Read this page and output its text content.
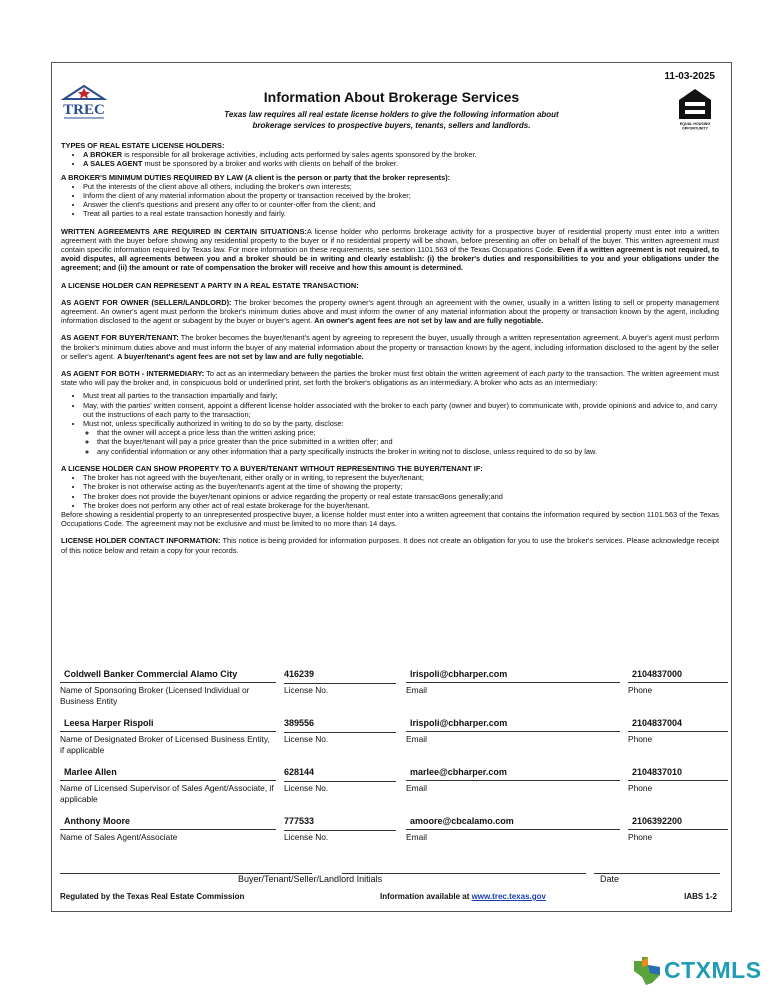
11-03-2025
TREC
EQUAL HOUSING
OPPORTUNITY
Information About Brokerage Services
Texas law requires all real estate license holders to give the following information about
brokerage services to prospective buyers, tenants, sellers and landlords.

TYPES OF REAL ESTATE LICENSE HOLDERS:

• A BROKER is responsible for all brokerage activities, including acts performed by sales agents sponsored by the broker.
• A SALES AGENT must be sponsored by a broker and works with clients on behalf of the broker.

A BROKER'S MINIMUM DUTIES REQUIRED BY LAW (A client is the person or party that the broker represents):

• Put the interests of the client above all others, including the broker's own interests;
• Inform the client of any material information about the property or transaction received by the broker;
• Answer the client's questions and present any offer to or counter-offer from the client; and
• Treat all parties to a real estate transaction honestly and fairly.

WRITTEN AGREEMENTS ARE REQUIRED IN CERTAIN SITUATIONS:A license holder who performs brokerage activity for a prospective buyer of residential property must enter into a written agreement with the buyer before showing any residential property to the buyer or if no residential property will be shown, before presenting an offer on behalf of the buyer. This written agreement must contain specific information required by Texas law. For more information on these requirements, see section 1101.563 of the Texas Occupations Code. Even if a written agreement is not required, to avoid disputes, all agreements between you and a broker should be in writing and clearly establish: (i) the broker's duties and responsibilities to you and your obligations under the agreement; and (ii) the amount or rate of compensation the broker will receive and how this amount is determined.

A LICENSE HOLDER CAN REPRESENT A PARTY IN A REAL ESTATE TRANSACTION:

AS AGENT FOR OWNER (SELLER/LANDLORD): The broker becomes the property owner's agent through an agreement with the owner, usually in a written listing to sell or property management agreement. An owner's agent must perform the broker's minimum duties above and must inform the owner of any material information about the property or transaction known by the agent, including information disclosed to the agent or subagent by the buyer or buyer's agent. An owner's agent fees are not set by law and are fully negotiable.

AS AGENT FOR BUYER/TENANT: The broker becomes the buyer/tenant's agent by agreeing to represent the buyer, usually through a written representation agreement. A buyer's agent must perform the broker's minimum duties above and must inform the buyer of any material information about the property or transaction known by the agent, including information disclosed to the agent by the seller or seller's agent. A buyer/tenant's agent fees are not set by law and are fully negotiable.

AS AGENT FOR BOTH - INTERMEDIARY: To act as an intermediary between the parties the broker must first obtain the written agreement of each party to the transaction. The written agreement must state who will pay the broker and, in conspicuous bold or underlined print, set forth the broker's obligations as an intermediary. A broker who acts as an intermediary:

• Must treat all parties to the transaction impartially and fairly;
• May, with the parties' written consent, appoint a different license holder associated with the broker to each party (owner and buyer) to communicate with, provide opinions and advice to, and carry out the instructions of each party to the transaction;
• Must not, unless specifically authorized in writing to do so by the party, disclose:
◦ that the owner will accept a price less than the written asking price;
◦ that the buyer/tenant will pay a price greater than the price submitted in a written offer; and
◦ any confidential information or any other information that a party specifically instructs the broker in writing not to disclose, unless required to do so by law.

A LICENSE HOLDER CAN SHOW PROPERTY TO A BUYER/TENANT WITHOUT REPRESENTING THE BUYER/TENANT IF:

• The broker has not agreed with the buyer/tenant, either orally or in writing, to represent the buyer/tenant;
• The broker is not otherwise acting as the buyer/tenant's agent at the time of showing the property;
• The broker does not provide the buyer/tenant opinions or advice regarding the property or real estate transacΘons generally;and
• The broker does not perform any other act of real estate brokerage for the buyer/tenant.

Before showing a residential property to an unrepresented prospective buyer, a license holder must enter into a written agreement that contains the information required by section 1101.563 of the Texas Occupations Code. The agreement may not be exclusive and must be limited to no more than 14 days.

LICENSE HOLDER CONTACT INFORMATION: This notice is being provided for information purposes. It does not create an obligation for you to use the broker's services. Please acknowledge receipt of this notice below and retain a copy for your records.

Coldwell Banker Commercial Alamo City	416239	lrispoli@cbharper.com	2104837000
Name of Sponsoring Broker (Licensed Individual or Business Entity
License No.	Email	Phone
Leesa Harper Rispoli	389556	lrispoli@cbharper.com	2104837004
Name of Designated Broker of Licensed Business Entity, if applicable
License No.	Email	Phone
Marlee Allen	628144	marlee@cbharper.com	2104837010
Name of Licensed Supervisor of Sales Agent/Associate, if applicable
License No.	Email	Phone
Anthony Moore	777533	amoore@cbcalamo.com	2106392200
Name of Sales Agent/Associate	License No.	Email	Phone
Buyer/Tenant/Seller/Landlord Initials	Date
Regulated by the Texas Real Estate Commission	Information available at www.trec.texas.gov	IABS 1-2
CTXMLS
